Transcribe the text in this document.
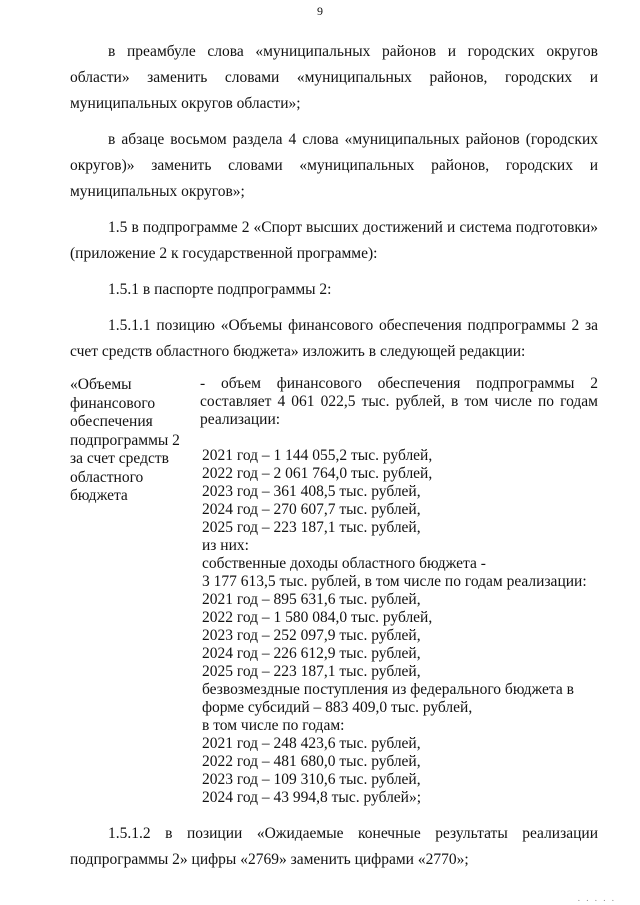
9

в преамбуле слова «муниципальных районов и городских округов области» заменить словами «муниципальных районов, городских и муниципальных округов области»;

в абзаце восьмом раздела 4 слова «муниципальных районов (городских округов)» заменить словами «муниципальных районов, городских и муниципальных округов»;

1.5 в подпрограмме 2 «Спорт высших достижений и система подготовки» (приложение 2 к государственной программе):

1.5.1 в паспорте подпрограммы 2:

1.5.1.1 позицию «Объемы финансового обеспечения подпрограммы 2 за счет средств областного бюджета» изложить в следующей редакции:

«Объемы
финансового
обеспечения
подпрограммы 2
за счет средств
областного
бюджета
- объем финансового обеспечения подпрограммы 2 составляет 4 061 022,5 тыс. рублей, в том числе по годам реализации:
2021 год – 1 144 055,2 тыс. рублей,
2022 год – 2 061 764,0 тыс. рублей,
2023 год – 361 408,5 тыс. рублей,
2024 год – 270 607,7 тыс. рублей,
2025 год – 223 187,1 тыс. рублей,
из них:
собственные доходы областного бюджета -
3 177 613,5 тыс. рублей, в том числе по годам реализации:
2021 год – 895 631,6 тыс. рублей,
2022 год – 1 580 084,0 тыс. рублей,
2023 год – 252 097,9 тыс. рублей,
2024 год – 226 612,9 тыс. рублей,
2025 год – 223 187,1 тыс. рублей,
безвозмездные поступления из федерального бюджета в
форме субсидий – 883 409,0 тыс. рублей,
в том числе по годам:
2021 год – 248 423,6 тыс. рублей,
2022 год – 481 680,0 тыс. рублей,
2023 год – 109 310,6 тыс. рублей,
2024 год – 43 994,8 тыс. рублей»;

1.5.1.2 в позиции «Ожидаемые конечные результаты реализации подпрограммы 2» цифры «2769» заменить цифрами «2770»;

. . . . .
